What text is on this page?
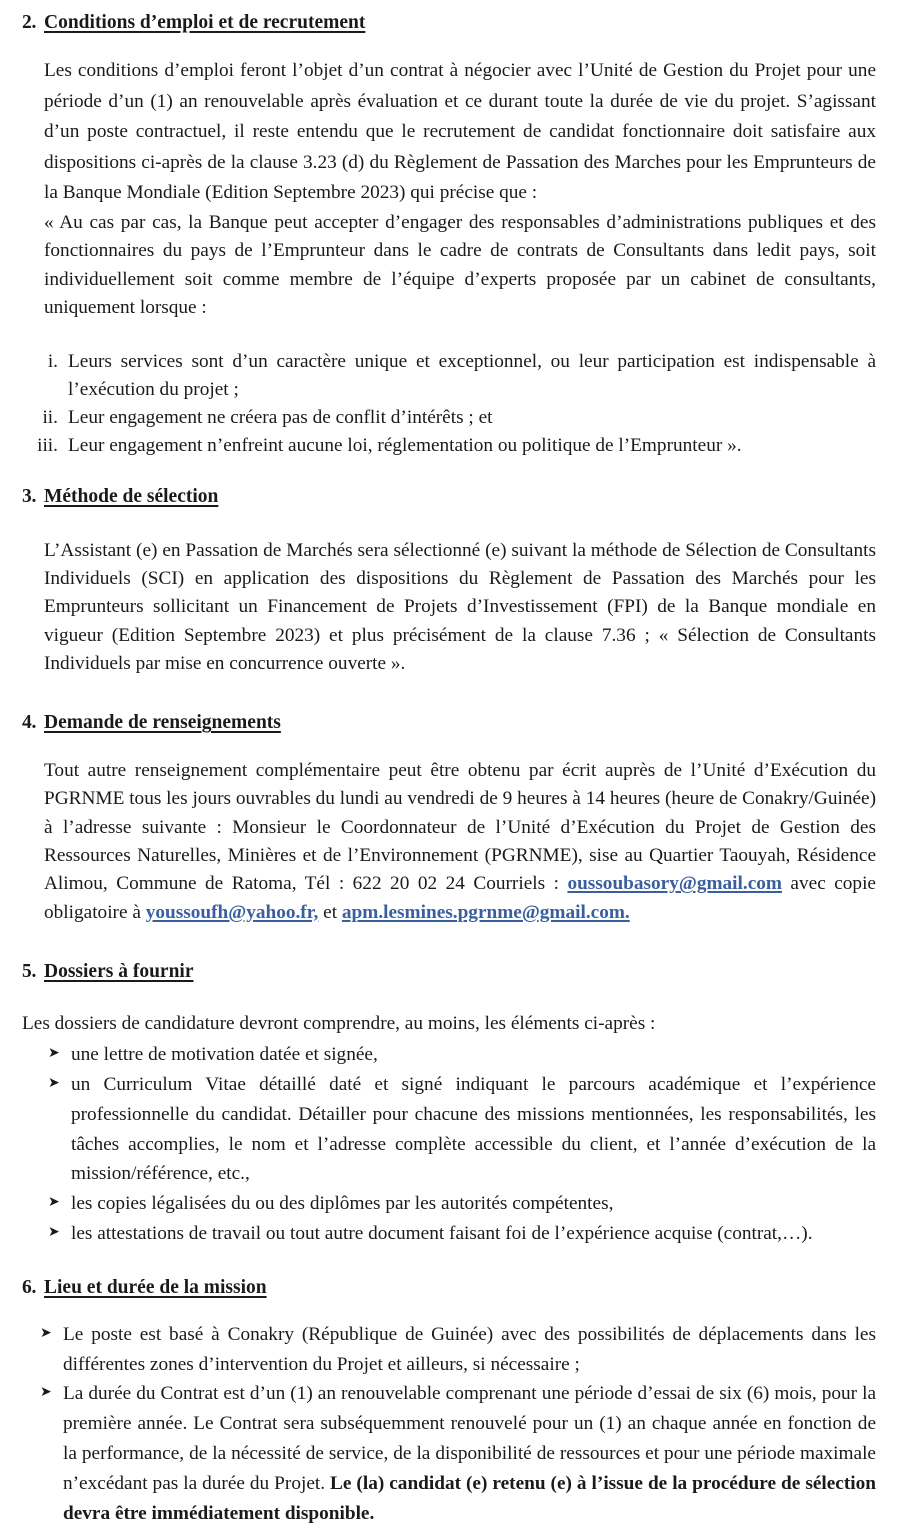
2. Conditions d’emploi et de recrutement

Les conditions d’emploi feront l’objet d’un contrat à négocier avec l’Unité de Gestion du Projet pour une période d’un (1) an renouvelable après évaluation et ce durant toute la durée de vie du projet. S’agissant d’un poste contractuel, il reste entendu que le recrutement de candidat fonctionnaire doit satisfaire aux dispositions ci-après de la clause 3.23 (d) du Règlement de Passation des Marches pour les Emprunteurs de la Banque Mondiale (Edition Septembre 2023) qui précise que :

« Au cas par cas, la Banque peut accepter d’engager des responsables d’administrations publiques et des fonctionnaires du pays de l’Emprunteur dans le cadre de contrats de Consultants dans ledit pays, soit individuellement soit comme membre de l’équipe d’experts proposée par un cabinet de consultants, uniquement lorsque :

i. Leurs services sont d’un caractère unique et exceptionnel, ou leur participation est indispensable à l’exécution du projet ;
ii. Leur engagement ne créera pas de conflit d’intérêts ; et
iii. Leur engagement n’enfreint aucune loi, réglementation ou politique de l’Emprunteur ».
3. Méthode de sélection

L’Assistant (e) en Passation de Marchés sera sélectionné (e) suivant la méthode de Sélection de Consultants Individuels (SCI) en application des dispositions du Règlement de Passation des Marchés pour les Emprunteurs sollicitant un Financement de Projets d’Investissement (FPI) de la Banque mondiale en vigueur (Edition Septembre 2023) et plus précisément de la clause 7.36 ; « Sélection de Consultants Individuels par mise en concurrence ouverte ».

4. Demande de renseignements

Tout autre renseignement complémentaire peut être obtenu par écrit auprès de l’Unité d’Exécution du PGRNME tous les jours ouvrables du lundi au vendredi de 9 heures à 14 heures (heure de Conakry/Guinée) à l’adresse suivante : Monsieur le Coordonnateur de l’Unité d’Exécution du Projet de Gestion des Ressources Naturelles, Minières et de l’Environnement (PGRNME), sise au Quartier Taouyah, Résidence Alimou, Commune de Ratoma, Tél : 622 20 02 24 Courriels : oussoubasory@gmail.com avec copie obligatoire à youssoufh@yahoo.fr, et apm.lesmines.pgrnme@gmail.com.

5. Dossiers à fournir

Les dossiers de candidature devront comprendre, au moins, les éléments ci-après :

➤ une lettre de motivation datée et signée,
➤ un Curriculum Vitae détaillé daté et signé indiquant le parcours académique et l’expérience professionnelle du candidat. Détailler pour chacune des missions mentionnées, les responsabilités, les tâches accomplies, le nom et l’adresse complète accessible du client, et l’année d’exécution de la mission/référence, etc.,
➤ les copies légalisées du ou des diplômes par les autorités compétentes,
➤ les attestations de travail ou tout autre document faisant foi de l’expérience acquise (contrat,…).
6. Lieu et durée de la mission
➤ Le poste est basé à Conakry (République de Guinée) avec des possibilités de déplacements dans les différentes zones d’intervention du Projet et ailleurs, si nécessaire ;
➤ La durée du Contrat est d’un (1) an renouvelable comprenant une période d’essai de six (6) mois, pour la première année. Le Contrat sera subséquemment renouvelé pour un (1) an chaque année en fonction de la performance, de la nécessité de service, de la disponibilité de ressources et pour une période maximale n’excédant pas la durée du Projet. Le (la) candidat (e) retenu (e) à l’issue de la procédure de sélection devra être immédiatement disponible.
